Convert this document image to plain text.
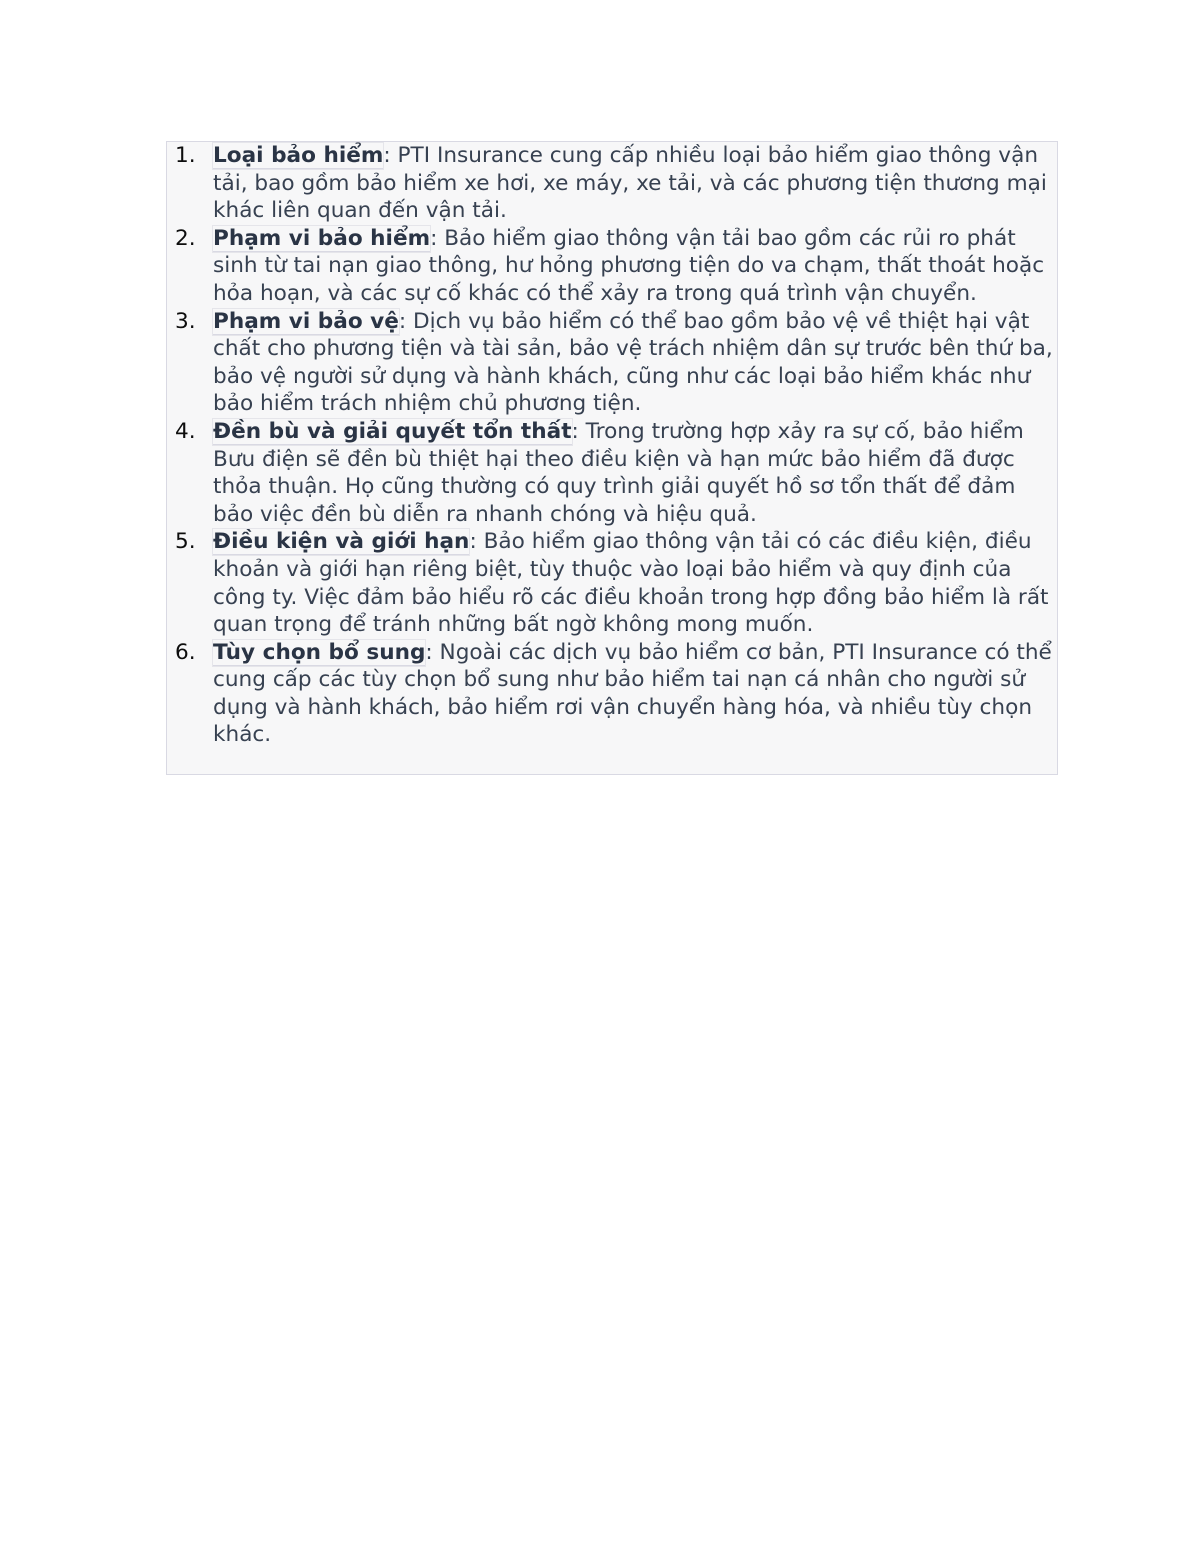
1. Loại bảo hiểm: PTI Insurance cung cấp nhiều loại bảo hiểm giao thông vận tải, bao gồm bảo hiểm xe hơi, xe máy, xe tải, và các phương tiện thương mại khác liên quan đến vận tải.
2. Phạm vi bảo hiểm: Bảo hiểm giao thông vận tải bao gồm các rủi ro phát sinh từ tai nạn giao thông, hư hỏng phương tiện do va chạm, thất thoát hoặc hỏa hoạn, và các sự cố khác có thể xảy ra trong quá trình vận chuyển.
3. Phạm vi bảo vệ: Dịch vụ bảo hiểm có thể bao gồm bảo vệ về thiệt hại vật chất cho phương tiện và tài sản, bảo vệ trách nhiệm dân sự trước bên thứ ba, bảo vệ người sử dụng và hành khách, cũng như các loại bảo hiểm khác như bảo hiểm trách nhiệm chủ phương tiện.
4. Đền bù và giải quyết tổn thất: Trong trường hợp xảy ra sự cố, bảo hiểm Bưu điện sẽ đền bù thiệt hại theo điều kiện và hạn mức bảo hiểm đã được thỏa thuận. Họ cũng thường có quy trình giải quyết hồ sơ tổn thất để đảm bảo việc đền bù diễn ra nhanh chóng và hiệu quả.
5. Điều kiện và giới hạn: Bảo hiểm giao thông vận tải có các điều kiện, điều khoản và giới hạn riêng biệt, tùy thuộc vào loại bảo hiểm và quy định của công ty. Việc đảm bảo hiểu rõ các điều khoản trong hợp đồng bảo hiểm là rất quan trọng để tránh những bất ngờ không mong muốn.
6. Tùy chọn bổ sung: Ngoài các dịch vụ bảo hiểm cơ bản, PTI Insurance có thể cung cấp các tùy chọn bổ sung như bảo hiểm tai nạn cá nhân cho người sử dụng và hành khách, bảo hiểm rơi vận chuyển hàng hóa, và nhiều tùy chọn khác.
